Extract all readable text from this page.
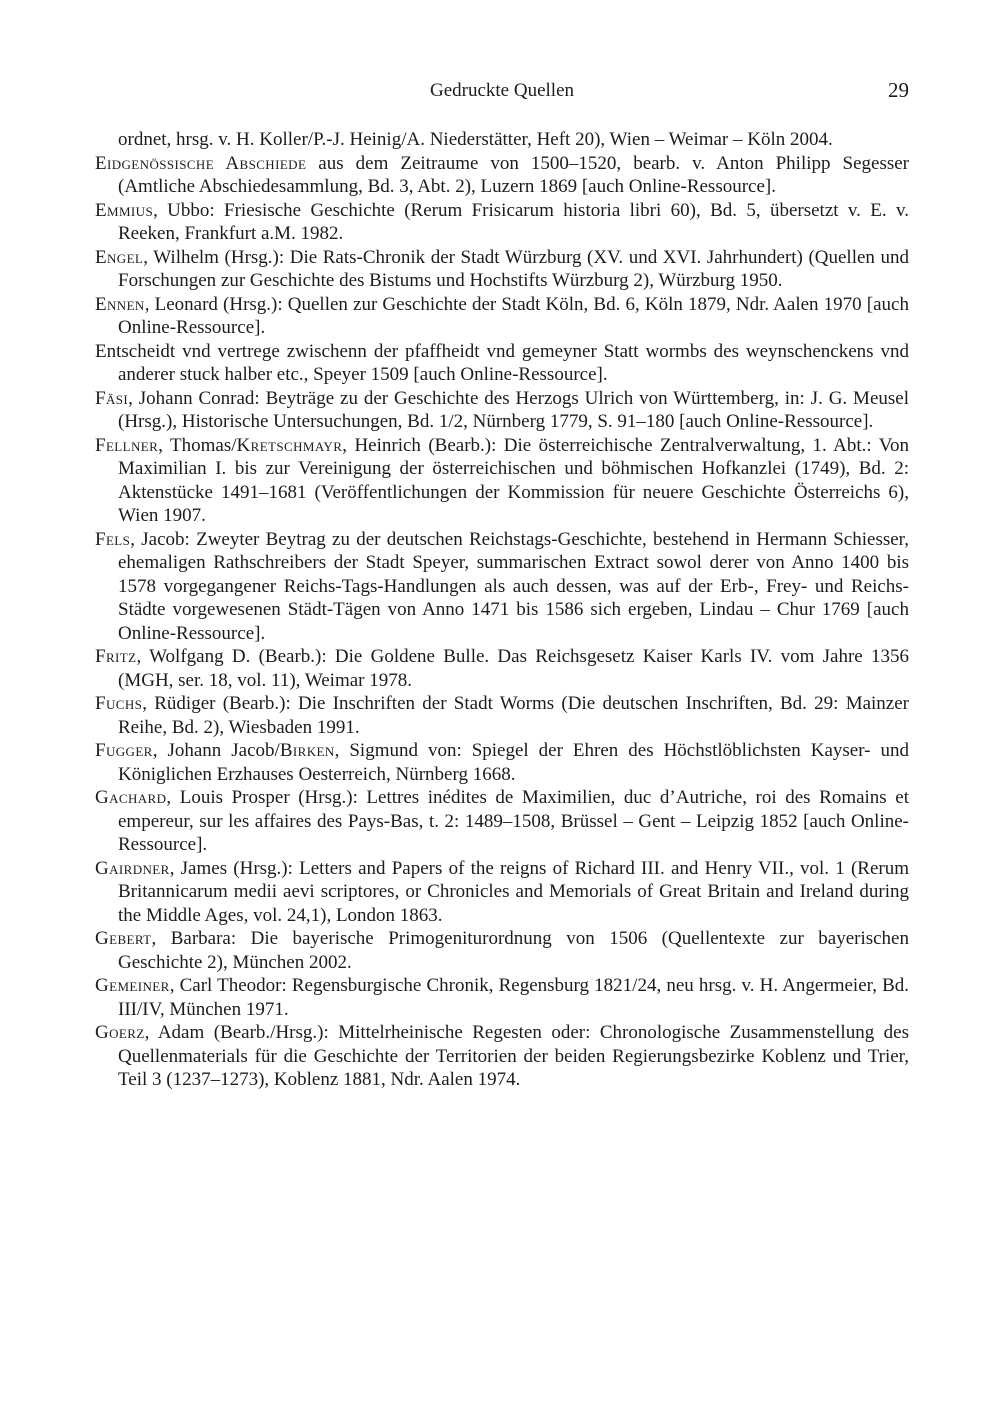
Gedruckte Quellen	29

ordnet, hrsg. v. H. Koller/P.-J. Heinig/A. Niederstätter, Heft 20), Wien – Weimar – Köln 2004.

Eidgenössische Abschiede aus dem Zeitraume von 1500–1520, bearb. v. Anton Philipp Segesser (Amtliche Abschiedesammlung, Bd. 3, Abt. 2), Luzern 1869 [auch Online-Ressource].

Emmius, Ubbo: Friesische Geschichte (Rerum Frisicarum historia libri 60), Bd. 5, übersetzt v. E. v. Reeken, Frankfurt a.M. 1982.

Engel, Wilhelm (Hrsg.): Die Rats-Chronik der Stadt Würzburg (XV. und XVI. Jahrhundert) (Quellen und Forschungen zur Geschichte des Bistums und Hochstifts Würzburg 2), Würzburg 1950.

Ennen, Leonard (Hrsg.): Quellen zur Geschichte der Stadt Köln, Bd. 6, Köln 1879, Ndr. Aalen 1970 [auch Online-Ressource].

Entscheidt vnd vertrege zwischenn der pfaffheidt vnd gemeyner Statt wormbs des weynschenckens vnd anderer stuck halber etc., Speyer 1509 [auch Online-Ressource].

Fäsi, Johann Conrad: Beyträge zu der Geschichte des Herzogs Ulrich von Württemberg, in: J. G. Meusel (Hrsg.), Historische Untersuchungen, Bd. 1/2, Nürnberg 1779, S. 91–180 [auch Online-Ressource].

Fellner, Thomas/Kretschmayr, Heinrich (Bearb.): Die österreichische Zentralverwaltung, 1. Abt.: Von Maximilian I. bis zur Vereinigung der österreichischen und böhmischen Hofkanzlei (1749), Bd. 2: Aktenstücke 1491–1681 (Veröffentlichungen der Kommission für neuere Geschichte Österreichs 6), Wien 1907.

Fels, Jacob: Zweyter Beytrag zu der deutschen Reichstags-Geschichte, bestehend in Hermann Schiesser, ehemaligen Rathschreibers der Stadt Speyer, summarischen Extract sowol derer von Anno 1400 bis 1578 vorgegangener Reichs-Tags-Handlungen als auch dessen, was auf der Erb-, Frey- und Reichs-Städte vorgewesenen Städt-Tägen von Anno 1471 bis 1586 sich ergeben, Lindau – Chur 1769 [auch Online-Ressource].

Fritz, Wolfgang D. (Bearb.): Die Goldene Bulle. Das Reichsgesetz Kaiser Karls IV. vom Jahre 1356 (MGH, ser. 18, vol. 11), Weimar 1978.

Fuchs, Rüdiger (Bearb.): Die Inschriften der Stadt Worms (Die deutschen Inschriften, Bd. 29: Mainzer Reihe, Bd. 2), Wiesbaden 1991.

Fugger, Johann Jacob/Birken, Sigmund von: Spiegel der Ehren des Höchstlöblichsten Kayser- und Königlichen Erzhauses Oesterreich, Nürnberg 1668.

Gachard, Louis Prosper (Hrsg.): Lettres inédites de Maximilien, duc d’Autriche, roi des Romains et empereur, sur les affaires des Pays-Bas, t. 2: 1489–1508, Brüssel – Gent – Leipzig 1852 [auch Online-Ressource].

Gairdner, James (Hrsg.): Letters and Papers of the reigns of Richard III. and Henry VII., vol. 1 (Rerum Britannicarum medii aevi scriptores, or Chronicles and Memorials of Great Britain and Ireland during the Middle Ages, vol. 24,1), London 1863.

Gebert, Barbara: Die bayerische Primogeniturordnung von 1506 (Quellentexte zur bayerischen Geschichte 2), München 2002.

Gemeiner, Carl Theodor: Regensburgische Chronik, Regensburg 1821/24, neu hrsg. v. H. Angermeier, Bd. III/IV, München 1971.

Goerz, Adam (Bearb./Hrsg.): Mittelrheinische Regesten oder: Chronologische Zusammenstellung des Quellenmaterials für die Geschichte der Territorien der beiden Regierungsbezirke Koblenz und Trier, Teil 3 (1237–1273), Koblenz 1881, Ndr. Aalen 1974.
